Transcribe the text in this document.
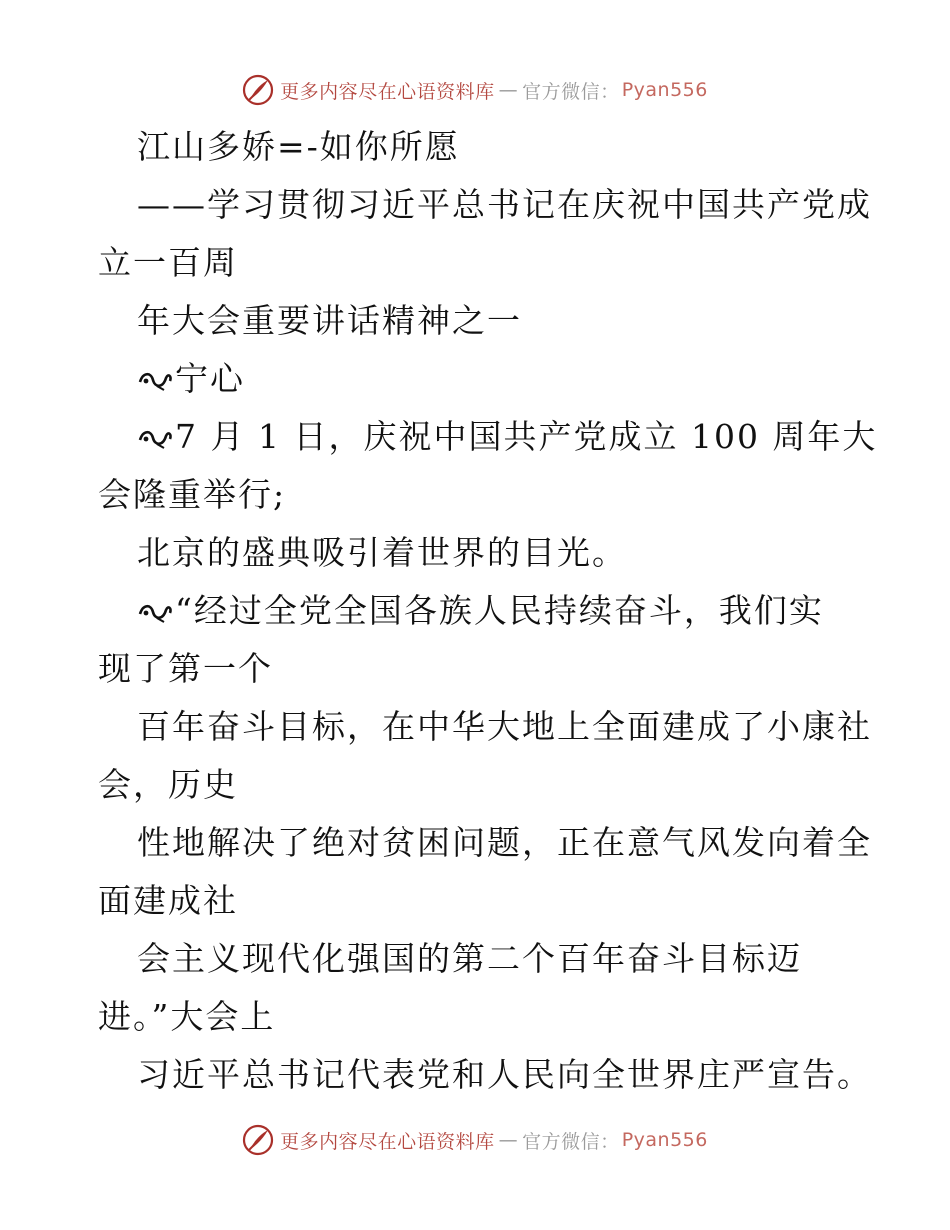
更多内容尽在心语资料库 — 官方微信： Pyan556
江山多娇=-如你所愿
——学习贯彻习近平总书记在庆祝中国共产党成
立一百周
年大会重要讲话精神之一
宁心
7 月 1 日，庆祝中国共产党成立 100 周年大
会隆重举行;
北京的盛典吸引着世界的目光。
“经过全党全国各族人民持续奋斗，我们实
现了第一个
百年奋斗目标，在中华大地上全面建成了小康社
会，历史
性地解决了绝对贫困问题，正在意气风发向着全
面建成社
会主义现代化强国的第二个百年奋斗目标迈
进。”大会上
习近平总书记代表党和人民向全世界庄严宣告。
更多内容尽在心语资料库 — 官方微信： Pyan556
